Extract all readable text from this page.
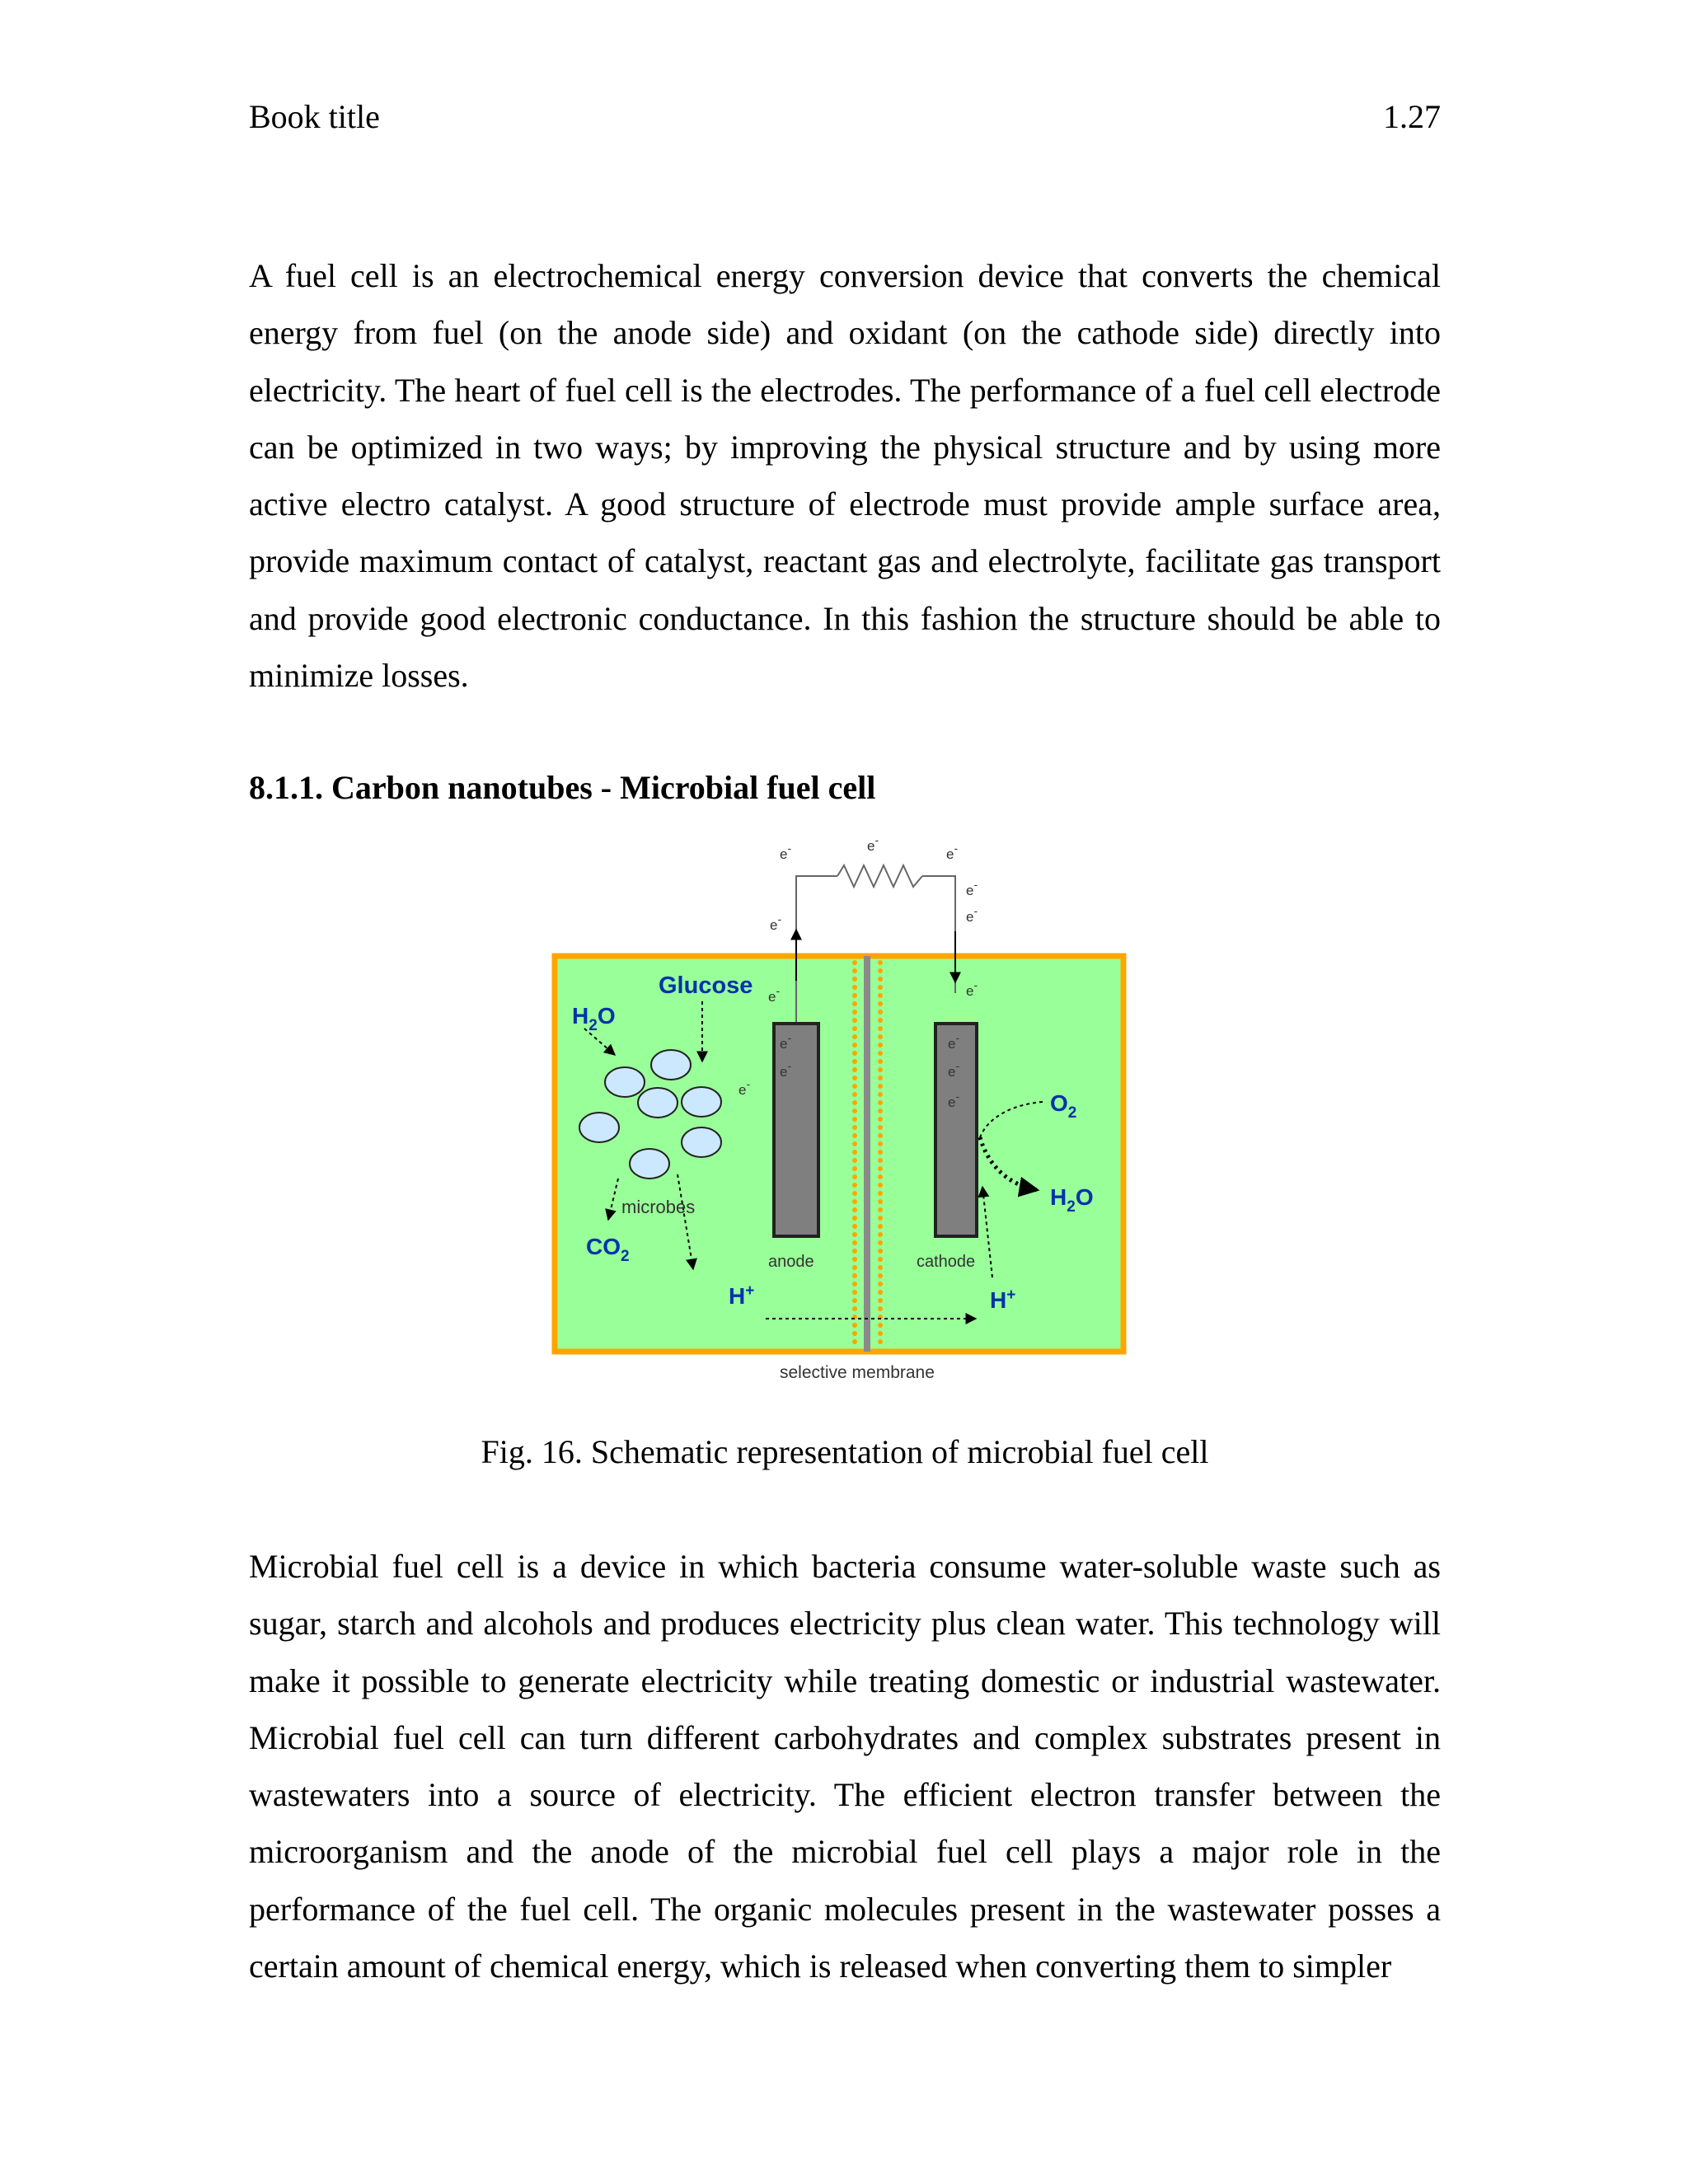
Book title	1.27

A fuel cell is an electrochemical energy conversion device that converts the chemical energy from fuel (on the anode side) and oxidant (on the cathode side) directly into electricity. The heart of fuel cell is the electrodes. The performance of a fuel cell electrode can be optimized in two ways; by improving the physical structure and by using more active electro catalyst. A good structure of electrode must provide ample surface area, provide maximum contact of catalyst, reactant gas and electrolyte, facilitate gas transport and provide good electronic conductance. In this fashion the structure should be able to minimize losses.

8.1.1. Carbon nanotubes - Microbial fuel cell
Glucose
$H_2O$
microbes
$CO_2$	anode	cathode
H+	H+
$O_2$
$H_2O$
selective membrane
e-	e-
e-
e-
e-
e-
e-
e-
e-
e-
e-
e-
e-
e-

Fig. 16. Schematic representation of microbial fuel cell

Microbial fuel cell is a device in which bacteria consume water-soluble waste such as sugar, starch and alcohols and produces electricity plus clean water. This technology will make it possible to generate electricity while treating domestic or industrial wastewater. Microbial fuel cell can turn different carbohydrates and complex substrates present in wastewaters into a source of electricity. The efficient electron transfer between the microorganism and the anode of the microbial fuel cell plays a major role in the performance of the fuel cell. The organic molecules present in the wastewater posses a certain amount of chemical energy, which is released when converting them to simpler
